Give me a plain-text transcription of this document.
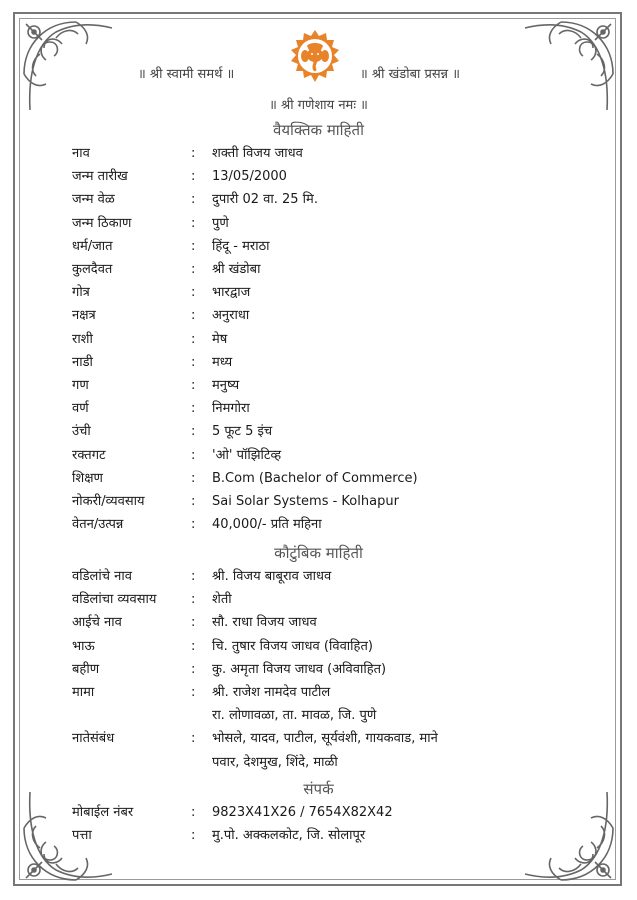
॥ श्री स्वामी समर्थ ॥	॥ श्री खंडोबा प्रसन्न ॥
॥ श्री गणेशाय नमः ॥
वैयक्तिक माहिती
नाव	: शक्ती विजय जाधव
जन्म तारीख	: 13/05/2000
जन्म वेळ	: दुपारी 02 वा. 25 मि.
जन्म ठिकाण	: पुणे
धर्म/जात	: हिंदू - मराठा
कुलदैवत	: श्री खंडोबा
गोत्र	: भारद्वाज
नक्षत्र	: अनुराधा
राशी	: मेष
नाडी	: मध्य
गण	: मनुष्य
वर्ण	: निमगोरा
उंची	: 5 फूट 5 इंच
रक्तगट	: 'ओ' पॉझिटिव्ह
शिक्षण	: B.Com (Bachelor of Commerce)
नोकरी/व्यवसाय	: Sai Solar Systems - Kolhapur
वेतन/उत्पन्न	: 40,000/- प्रति महिना
कौटुंबिक माहिती
वडिलांचे नाव	: श्री. विजय बाबूराव जाधव
वडिलांचा व्यवसाय	: शेती
आईचे नाव	: सौ. राधा विजय जाधव
भाऊ	: चि. तुषार विजय जाधव (विवाहित)
बहीण	: कु. अमृता विजय जाधव (अविवाहित)
मामा	: श्री. राजेश नामदेव पाटील
रा. लोणावळा, ता. मावळ, जि. पुणे
नातेसंबंध	: भोसले, यादव, पाटील, सूर्यवंशी, गायकवाड, माने
पवार, देशमुख, शिंदे, माळी
संपर्क
मोबाईल नंबर	: 9823X41X26 / 7654X82X42
पत्ता	: मु.पो. अक्कलकोट, जि. सोलापूर
